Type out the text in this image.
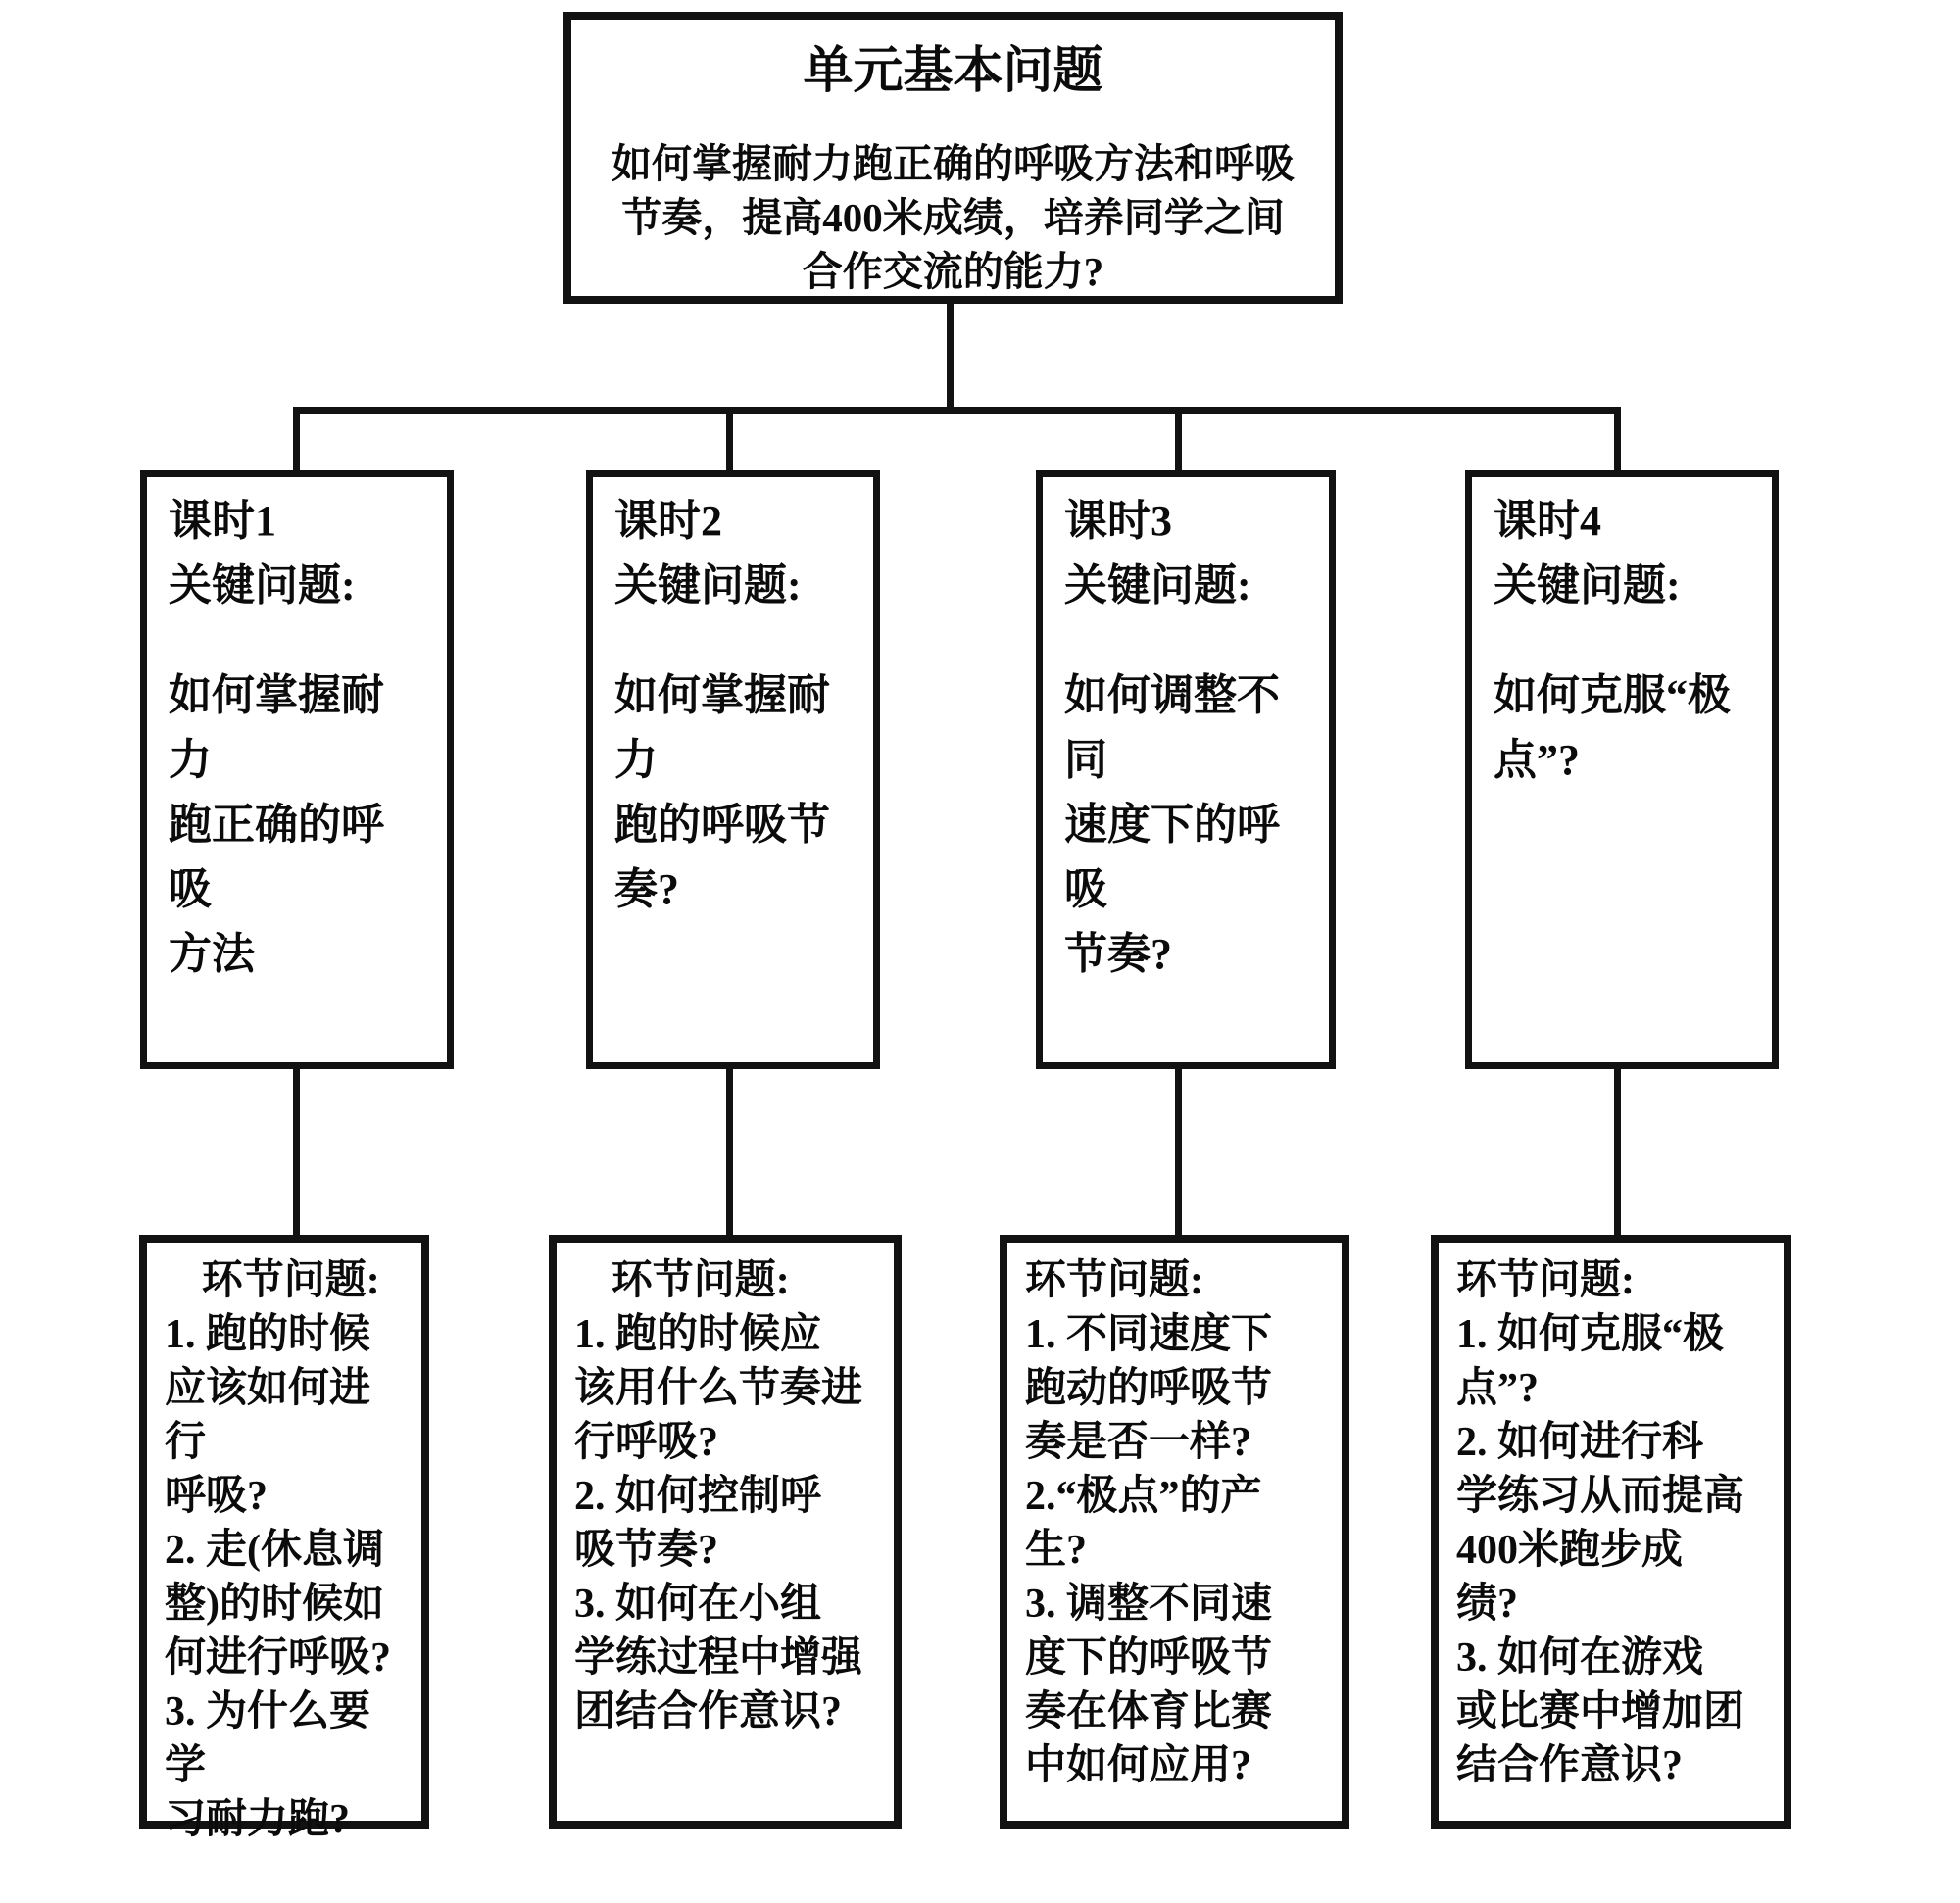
单元基本问题
如何掌握耐力跑正确的呼吸方法和呼吸
节奏，提高400米成绩，培养同学之间
合作交流的能力?
课时1
关键问题:
如何掌握耐力
跑正确的呼吸
方法
课时2
关键问题:
如何掌握耐力
跑的呼吸节
奏?
课时3
关键问题:
如何调整不同
速度下的呼吸
节奏?
课时4
关键问题:
如何克服“极
点”?

环节问题:

1. 跑的时候
应该如何进行
呼吸?

2. 走(休息调
整)的时候如
何进行呼吸?

3. 为什么要学
习耐力跑?

环节问题:

1. 跑的时候应
该用什么节奏进
行呼吸?

2. 如何控制呼
吸节奏?

3. 如何在小组
学练过程中增强
团结合作意识?

环节问题:

1. 不同速度下
跑动的呼吸节
奏是否一样?

2.“极点”的产
生?

3. 调整不同速
度下的呼吸节
奏在体育比赛
中如何应用?

环节问题:

1. 如何克服“极
点”?

2. 如何进行科
学练习从而提高
400米跑步成
绩?

3. 如何在游戏
或比赛中增加团
结合作意识?
